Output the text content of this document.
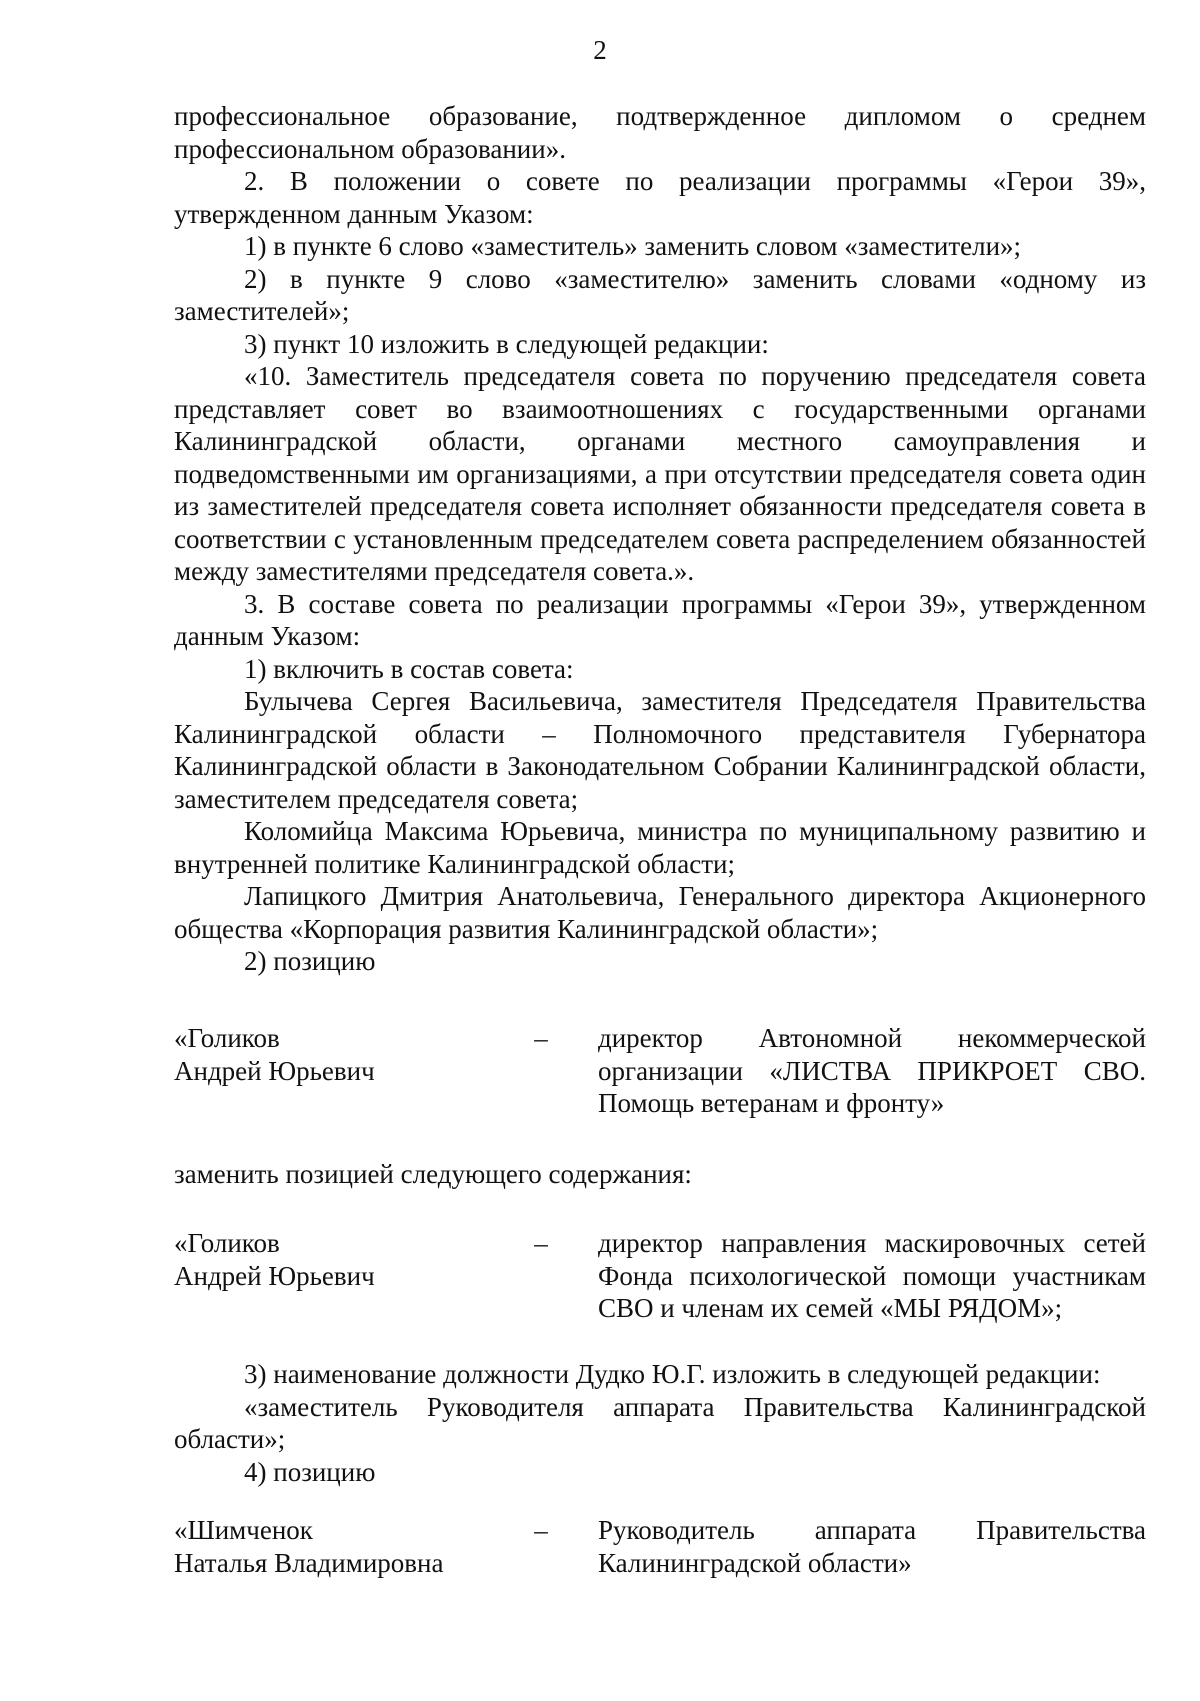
2

профессиональное образование, подтвержденное дипломом о среднем профессиональном образовании».

2. В положении о совете по реализации программы «Герои 39», утвержденном данным Указом:

1) в пункте 6 слово «заместитель» заменить словом «заместители»;

2) в пункте 9 слово «заместителю» заменить словами «одному из заместителей»;

3) пункт 10 изложить в следующей редакции:

«10. Заместитель председателя совета по поручению председателя совета представляет совет во взаимоотношениях с государственными органами Калининградской области, органами местного самоуправления и подведомственными им организациями, а при отсутствии председателя совета один из заместителей председателя совета исполняет обязанности председателя совета в соответствии с установленным председателем совета распределением обязанностей между заместителями председателя совета.».

3. В составе совета по реализации программы «Герои 39», утвержденном данным Указом:

1) включить в состав совета:

Булычева Сергея Васильевича, заместителя Председателя Правительства Калининградской области – Полномочного представителя Губернатора Калининградской области в Законодательном Собрании Калининградской области, заместителем председателя совета;

Коломийца Максима Юрьевича, министра по муниципальному развитию и внутренней политике Калининградской области;

Лапицкого Дмитрия Анатольевича, Генерального директора Акционерного общества «Корпорация развития Калининградской области»;

2) позицию

«Голиков
Андрей Юрьевич
–	директор Автономной некоммерческой организации «ЛИСТВА ПРИКРОЕТ СВО. Помощь ветеранам и фронту»

заменить позицией следующего содержания:

«Голиков
Андрей Юрьевич
–	директор направления маскировочных сетей Фонда психологической помощи участникам СВО и членам их семей «МЫ РЯДОМ»;

3) наименование должности Дудко Ю.Г. изложить в следующей редакции:

«заместитель Руководителя аппарата Правительства Калининградской области»;

4) позицию

«Шимченок
Наталья Владимировна
–	Руководитель аппарата Правительства Калининградской области»
